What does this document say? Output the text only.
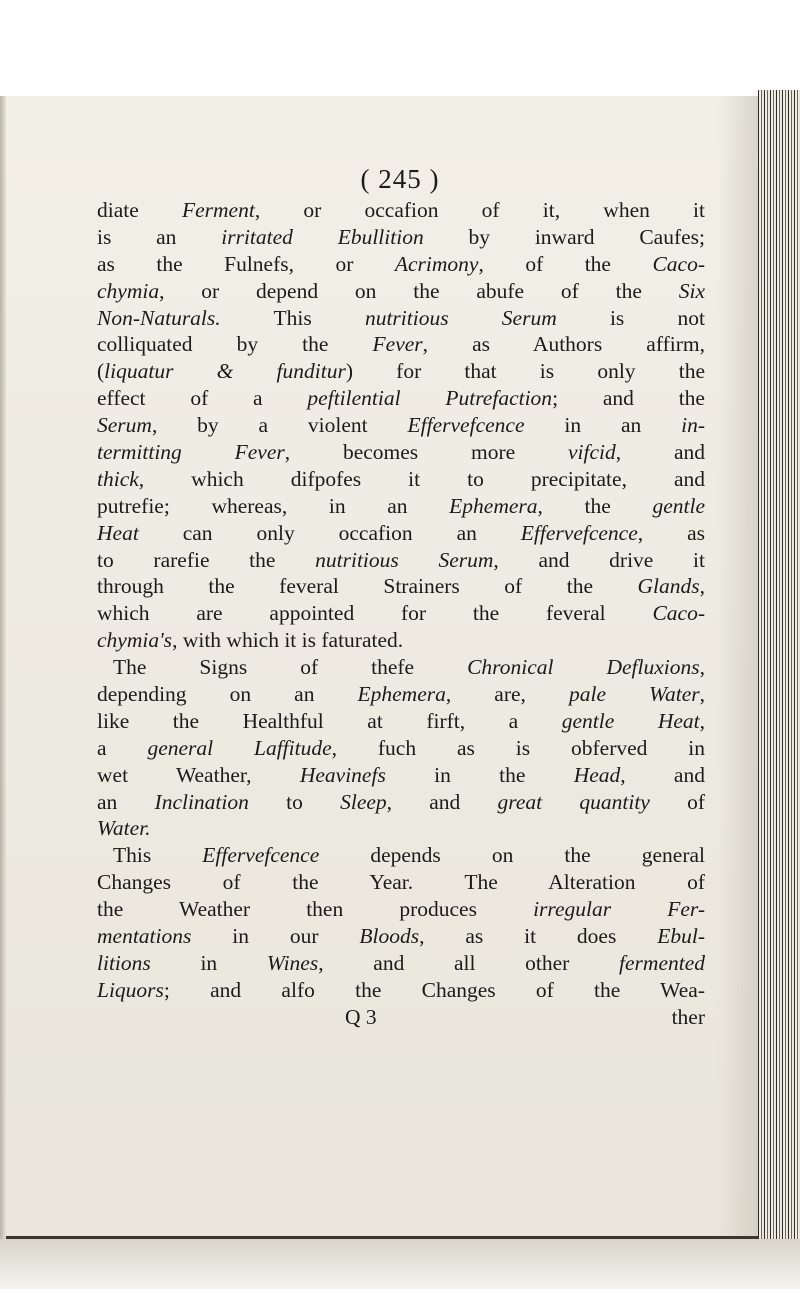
( 245 )
diate Ferment, or occafion of it, when it
is an irritated Ebullition by inward Caufes;
as the Fulnefs, or Acrimony, of the Caco-
chymia, or depend on the abufe of the Six
Non-Naturals. This nutritious Serum is not
colliquated by the Fever, as Authors affirm,
(liquatur & funditur) for that is only the
effect of a peftilential Putrefaction; and the
Serum, by a violent Effervefcence in an in-
termitting Fever, becomes more vifcid, and
thick, which difpofes it to precipitate, and
putrefie; whereas, in an Ephemera, the gentle
Heat can only occafion an Effervefcence, as
to rarefie the nutritious Serum, and drive it
through the feveral Strainers of the Glands,
which are appointed for the feveral Caco-
chymia's, with which it is faturated.
The Signs of thefe Chronical Defluxions,
depending on an Ephemera, are, pale Water,
like the Healthful at firft, a gentle Heat,
a general Laffitude, fuch as is obferved in
wet Weather, Heavinefs in the Head, and
an Inclination to Sleep, and great quantity of
Water.
This Effervefcence depends on the general
Changes of the Year. The Alteration of
the Weather then produces irregular Fer-
mentations in our Bloods, as it does Ebul-
litions in Wines, and all other fermented
Liquors; and alfo the Changes of the Wea-
Q 3	ther
